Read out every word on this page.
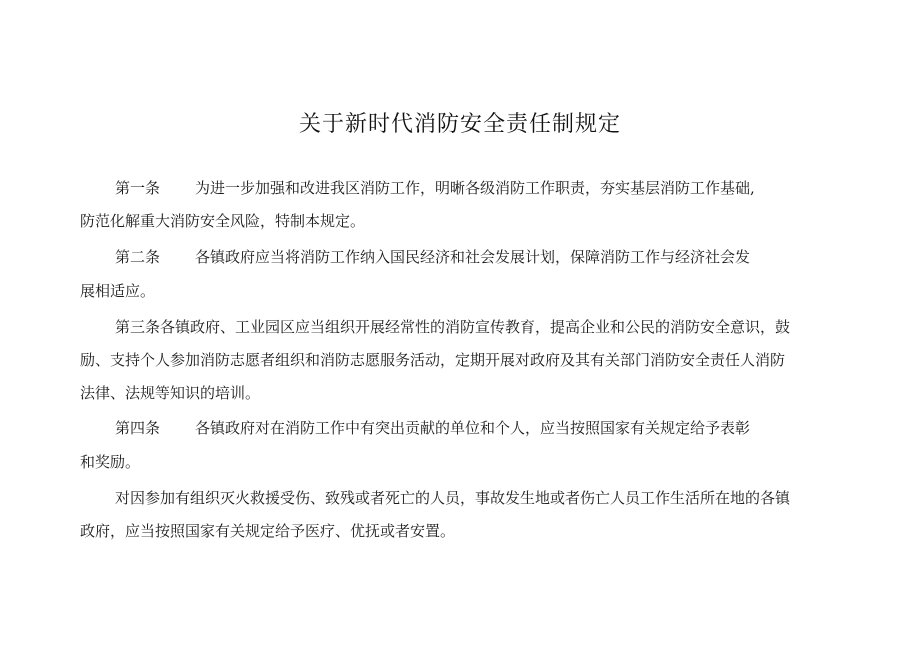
关于新时代消防安全责任制规定
第一条 为进一步加强和改进我区消防工作，明晰各级消防工作职责，夯实基层消防工作基础,
防范化解重大消防安全风险，特制本规定。
第二条 各镇政府应当将消防工作纳入国民经济和社会发展计划，保障消防工作与经济社会发
展相适应。
第三条各镇政府、工业园区应当组织开展经常性的消防宣传教育，提高企业和公民的消防安全意识，鼓
励、支持个人参加消防志愿者组织和消防志愿服务活动，定期开展对政府及其有关部门消防安全责任人消防
法律、法规等知识的培训。
第四条 各镇政府对在消防工作中有突出贡献的单位和个人，应当按照国家有关规定给予表彰
和奖励。
对因参加有组织灭火救援受伤、致残或者死亡的人员，事故发生地或者伤亡人员工作生活所在地的各镇
政府，应当按照国家有关规定给予医疗、优抚或者安置。
